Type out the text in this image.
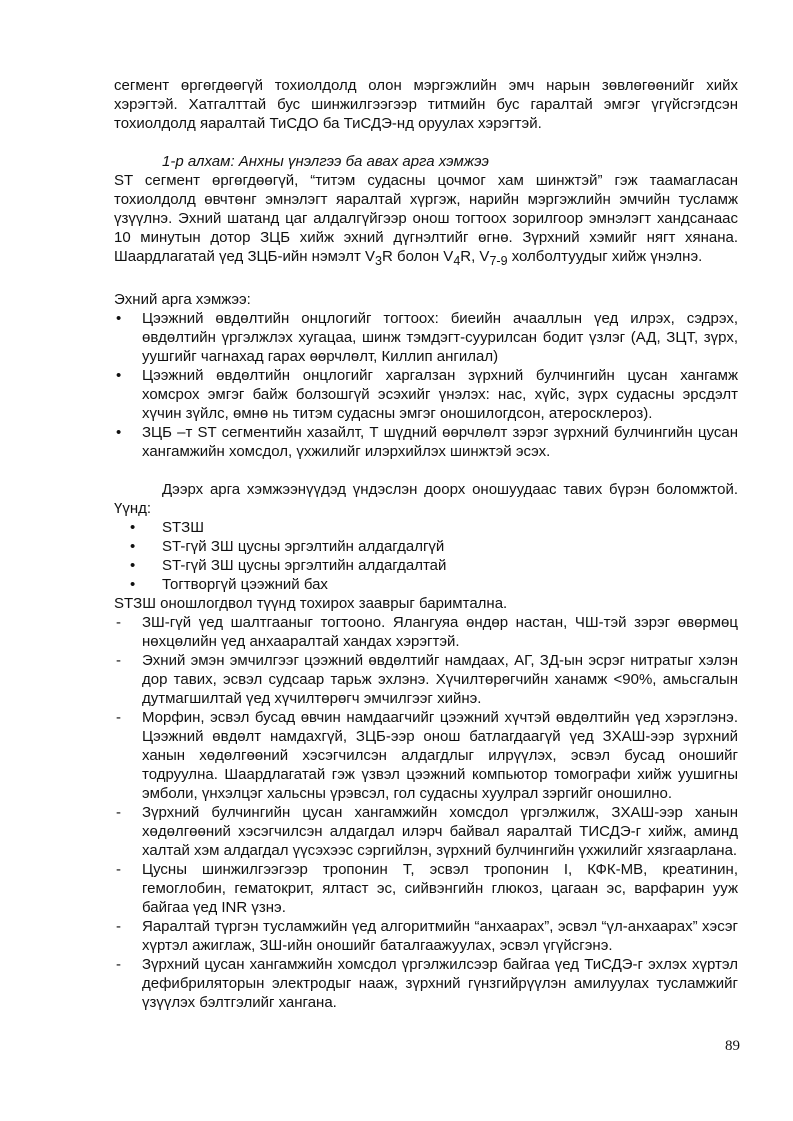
сегмент өргөгдөөгүй тохиолдолд олон мэргэжлийн эмч нарын зөвлөгөөнийг хийх хэрэгтэй. Хатгалттай бус шинжилгээгээр титмийн бус гаралтай эмгэг үгүйсгэгдсэн тохиолдолд яаралтай ТиСДО ба ТиСДЭ-нд оруулах хэрэгтэй.

1-р алхам: Анхны үнэлгээ ба авах арга хэмжээ

ST сегмент өргөгдөөгүй, “титэм судасны цочмог хам шинжтэй” гэж таамагласан тохиолдолд өвчтөнг эмнэлэгт яаралтай хүргэж, нарийн мэргэжлийн эмчийн тусламж үзүүлнэ. Эхний шатанд цаг алдалгүйгээр онош тогтоох зорилгоор эмнэлэгт хандсанаас 10 минутын дотор ЗЦБ хийж эхний дүгнэлтийг өгнө. Зүрхний хэмийг нягт хянана. Шаардлагатай үед ЗЦБ-ийн нэмэлт $V_3R$ болон $V_4R$, $V_{7-9}$ холболтуудыг хийж үнэлнэ.

Эхний арга хэмжээ:

• Цээжний өвдөлтийн онцлогийг тогтоох: биеийн ачааллын үед илрэх, сэдрэх, өвдөлтийн үргэлжлэх хугацаа, шинж тэмдэгт-суурилсан бодит үзлэг (АД, ЗЦТ, зүрх, уушгийг чагнахад гарах өөрчлөлт, Киллип ангилал)
• Цээжний өвдөлтийн онцлогийг харгалзан зүрхний булчингийн цусан хангамж хомсрох эмгэг байж болзошгүй эсэхийг үнэлэх: нас, хүйс, зүрх судасны эрсдэлт хүчин зүйлс, өмнө нь титэм судасны эмгэг оношилогдсон, атеросклероз).
• ЗЦБ –т ST сегментийн хазайлт, Т шүдний өөрчлөлт зэрэг зүрхний булчингийн цусан хангамжийн хомсдол, үхжилийг илэрхийлэх шинжтэй эсэх.

Дээрх арга хэмжээнүүдэд үндэслэн доорх оношуудаас тавих бүрэн боломжтой. Үүнд:

• STЗШ
• ST-гүй ЗШ цусны эргэлтийн алдагдалгүй
• ST-гүй ЗШ цусны эргэлтийн алдагдалтай
• Тогтворгүй цээжний бах

STЗШ оношлогдвол түүнд тохирох зааврыг баримтална.

- ЗШ-гүй үед шалтгааныг тогтооно. Ялангуяа өндөр настан, ЧШ-тэй зэрэг өвөрмөц нөхцөлийн үед анхааралтай хандах хэрэгтэй.
- Эхний эмэн эмчилгээг цээжний өвдөлтийг намдаах, АГ, ЗД-ын эсрэг нитратыг хэлэн дор тавих, эсвэл судсаар тарьж эхлэнэ. Хүчилтөрөгчийн ханамж <90%, амьсгалын дутмагшилтай үед хүчилтөрөгч эмчилгээг хийнэ.
- Морфин, эсвэл бусад өвчин намдаагчийг цээжний хүчтэй өвдөлтийн үед хэрэглэнэ. Цээжний өвдөлт намдахгүй, ЗЦБ-ээр онош батлагдаагүй үед ЗХАШ-ээр зүрхний ханын хөдөлгөөний хэсэгчилсэн алдагдлыг илрүүлэх, эсвэл бусад оношийг тодруулна. Шаардлагатай гэж үзвэл цээжний компьютор томографи хийж уушигны эмболи, үнхэлцэг хальсны үрэвсэл, гол судасны хуулрал зэргийг оношилно.
- Зүрхний булчингийн цусан хангамжийн хомсдол үргэлжилж, ЗХАШ-ээр ханын хөдөлгөөний хэсэгчилсэн алдагдал илэрч байвал яаралтай ТИСДЭ-г хийж, аминд халтай хэм алдагдал үүсэхээс сэргийлэн, зүрхний булчингийн үхжилийг хязгаарлана.
- Цусны шинжилгээгээр тропонин Т, эсвэл тропонин I, КФК-МВ, креатинин, гемоглобин, гематокрит, ялтаст эс, сийвэнгийн глюкоз, цагаан эс, варфарин ууж байгаа үед INR үзнэ.
- Яаралтай түргэн тусламжийн үед алгоритмийн “анхаарах”, эсвэл “үл-анхаарах” хэсэг хүртэл ажиглаж, ЗШ-ийн оношийг баталгаажуулах, эсвэл үгүйсгэнэ.
- Зүрхний цусан хангамжийн хомсдол үргэлжилсээр байгаа үед ТиСДЭ-г эхлэх хүртэл дефибриляторын электродыг нааж, зүрхний гүнзгийрүүлэн амилуулах тусламжийг үзүүлэх бэлтгэлийг хангана.
89
